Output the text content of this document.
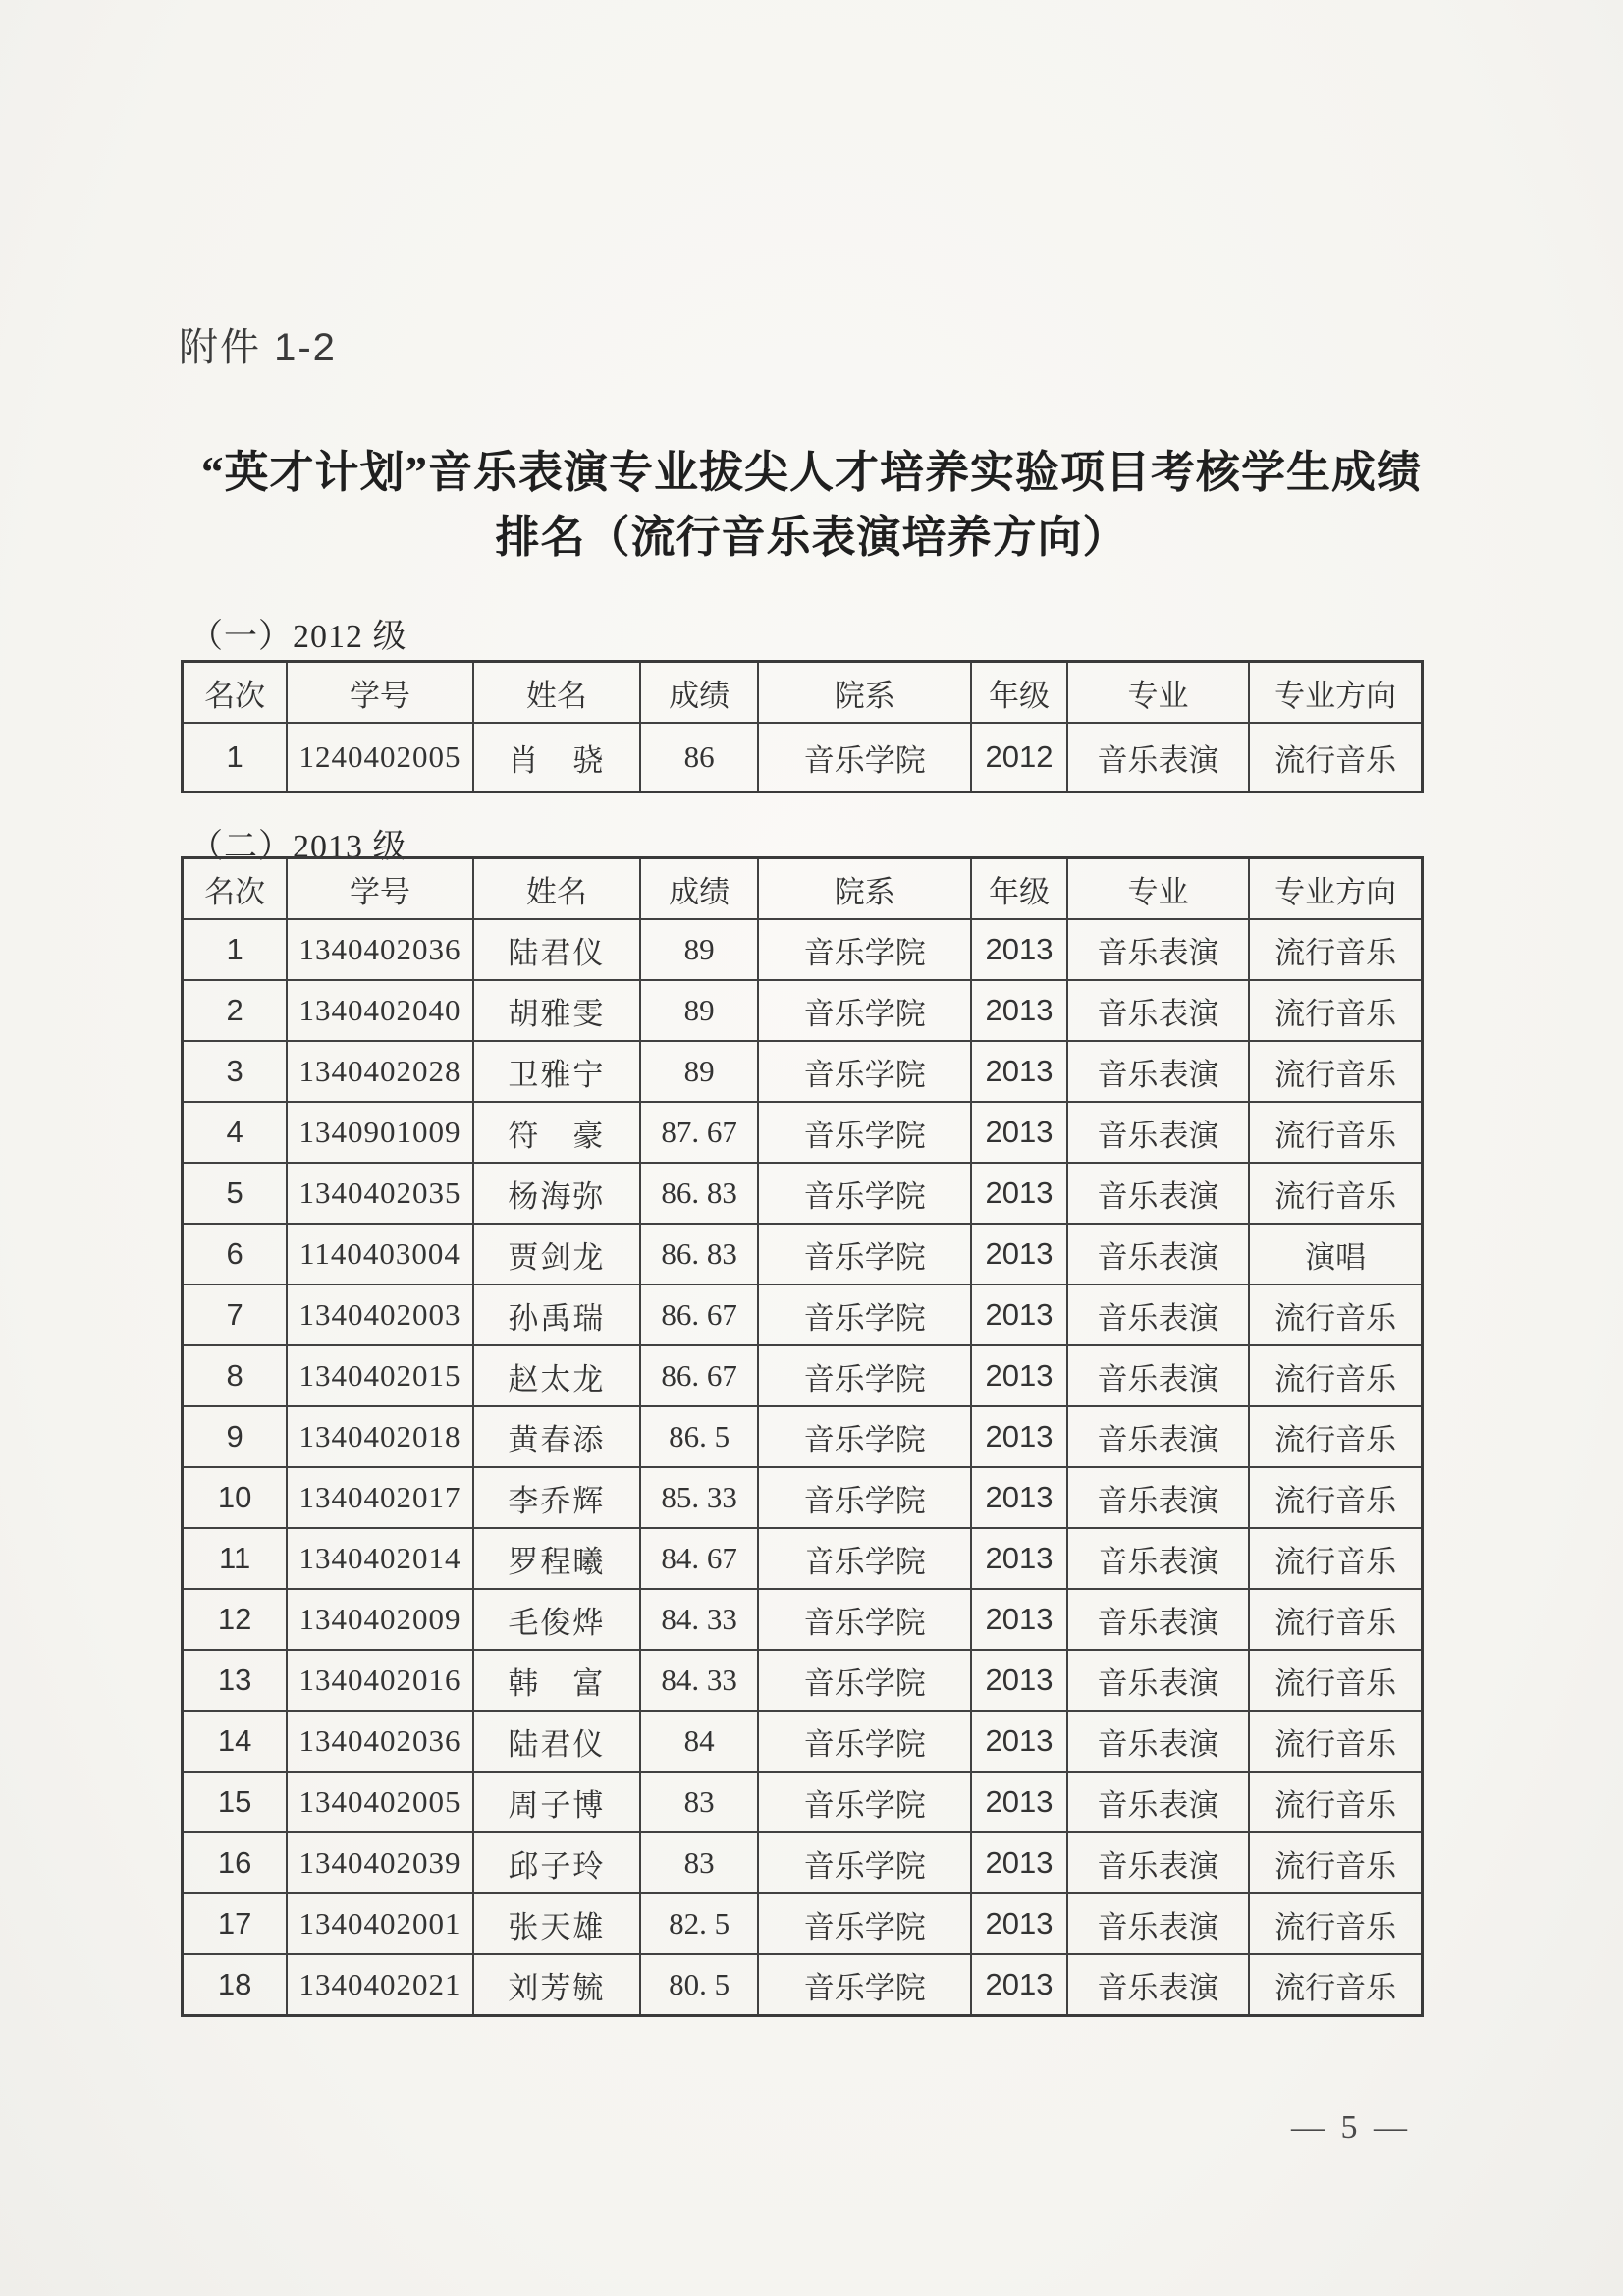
附件 1-2
“英才计划”音乐表演专业拔尖人才培养实验项目考核学生成绩
排名（流行音乐表演培养方向）
（一）2012 级
名次	学号	姓名	成绩	院系	年级	专业	专业方向
1	1240402005	肖　骁	86	音乐学院	2012	音乐表演	流行音乐
（二）2013 级
名次	学号	姓名	成绩	院系	年级	专业	专业方向
1	1340402036	陆君仪	89	音乐学院	2013	音乐表演	流行音乐
2	1340402040	胡雅雯	89	音乐学院	2013	音乐表演	流行音乐
3	1340402028	卫雅宁	89	音乐学院	2013	音乐表演	流行音乐
4	1340901009	符　豪	87. 67	音乐学院	2013	音乐表演	流行音乐
5	1340402035	杨海弥	86. 83	音乐学院	2013	音乐表演	流行音乐
6	1140403004	贾剑龙	86. 83	音乐学院	2013	音乐表演	演唱
7	1340402003	孙禹瑞	86. 67	音乐学院	2013	音乐表演	流行音乐
8	1340402015	赵太龙	86. 67	音乐学院	2013	音乐表演	流行音乐
9	1340402018	黄春添	86. 5	音乐学院	2013	音乐表演	流行音乐
10	1340402017	李乔辉	85. 33	音乐学院	2013	音乐表演	流行音乐
11	1340402014	罗程曦	84. 67	音乐学院	2013	音乐表演	流行音乐
12	1340402009	毛俊烨	84. 33	音乐学院	2013	音乐表演	流行音乐
13	1340402016	韩　富	84. 33	音乐学院	2013	音乐表演	流行音乐
14	1340402036	陆君仪	84	音乐学院	2013	音乐表演	流行音乐
15	1340402005	周子博	83	音乐学院	2013	音乐表演	流行音乐
16	1340402039	邱子玲	83	音乐学院	2013	音乐表演	流行音乐
17	1340402001	张天雄	82. 5	音乐学院	2013	音乐表演	流行音乐
18	1340402021	刘芳毓	80. 5	音乐学院	2013	音乐表演	流行音乐
— 5 —
